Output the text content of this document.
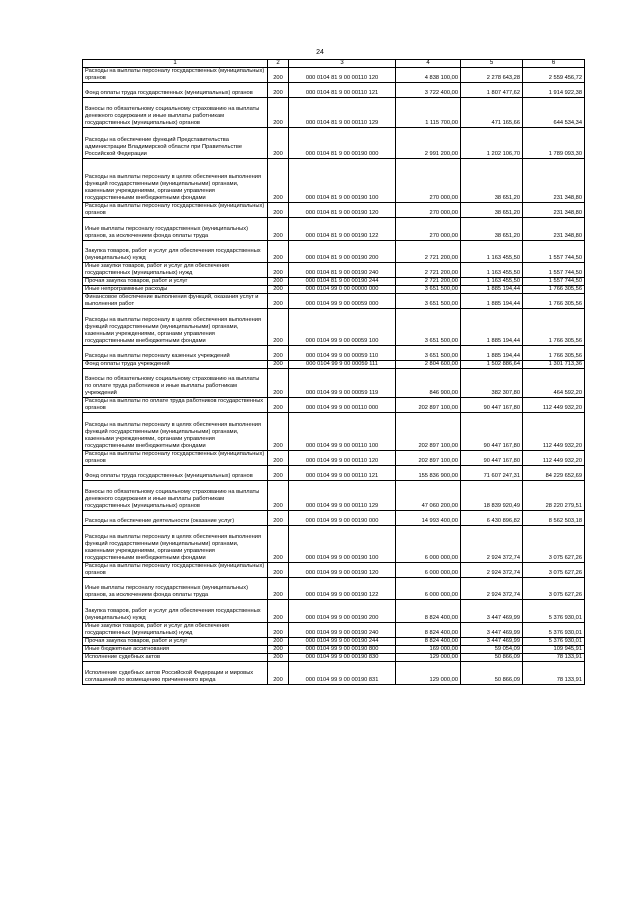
24
1	2	3	4	5	6
Расходы на выплаты персоналу государственных (муниципальных) органов	200	000 0104 81 9 00 00110 120	4 838 100,00	2 278 643,28	2 559 456,72
Фонд оплаты труда государственных (муниципальных) органов	200	000 0104 81 9 00 00110 121	3 722 400,00	1 807 477,62	1 914 922,38
Взносы по обязательному социальному страхованию на выплаты денежного содержания и иные выплаты работникам государственных (муниципальных) органов	200	000 0104 81 9 00 00110 129	1 115 700,00	471 165,66	644 534,34
Расходы на обеспечение функций Представительства администрации Владимирской области при Правительстве Российской Федерации	200	000 0104 81 9 00 00190 000	2 991 200,00	1 202 106,70	1 789 093,30
Расходы на выплаты персоналу в целях обеспечения выполнения функций государственными (муниципальными) органами, казенными учреждениями, органами управления государственными внебюджетными фондами	200	000 0104 81 9 00 00190 100	270 000,00	38 651,20	231 348,80
Расходы на выплаты персоналу государственных (муниципальных) органов	200	000 0104 81 9 00 00190 120	270 000,00	38 651,20	231 348,80
Иные выплаты персоналу государственных (муниципальных) органов, за исключением фонда оплаты труда	200	000 0104 81 9 00 00190 122	270 000,00	38 651,20	231 348,80
Закупка товаров, работ и услуг для обеспечения государственных (муниципальных) нужд	200	000 0104 81 9 00 00190 200	2 721 200,00	1 163 455,50	1 557 744,50
Иные закупки товаров, работ и услуг для обеспечения государственных (муниципальных) нужд	200	000 0104 81 9 00 00190 240	2 721 200,00	1 163 455,50	1 557 744,50
Прочая закупка товаров, работ и услуг	200	000 0104 81 9 00 00190 244	2 721 200,00	1 163 455,50	1 557 744,50
Иные непрограммные расходы	200	000 0104 99 0 00 00000 000	3 651 500,00	1 885 194,44	1 766 305,56
Финансовое обеспечение выполнения функций, оказания услуг и выполнения работ	200	000 0104 99 9 00 00059 000	3 651 500,00	1 885 194,44	1 766 305,56
Расходы на выплаты персоналу в целях обеспечения выполнения функций государственными (муниципальными) органами, казенными учреждениями, органами управления государственными внебюджетными фондами	200	000 0104 99 9 00 00059 100	3 651 500,00	1 885 194,44	1 766 305,56
Расходы на выплаты персоналу казенных учреждений	200	000 0104 99 9 00 00059 110	3 651 500,00	1 885 194,44	1 766 305,56
Фонд оплаты труда учреждений	200	000 0104 99 9 00 00059 111	2 804 600,00	1 502 886,64	1 301 713,36
Взносы по обязательному социальному страхованию на выплаты по оплате труда работников и иные выплаты работникам учреждений	200	000 0104 99 9 00 00059 119	846 900,00	382 307,80	464 592,20
Расходы на выплаты по оплате труда работников государственных органов	200	000 0104 99 9 00 00110 000	202 897 100,00	90 447 167,80	112 449 932,20
Расходы на выплаты персоналу в целях обеспечения выполнения функций государственными (муниципальными) органами, казенными учреждениями, органами управления государственными внебюджетными фондами	200	000 0104 99 9 00 00110 100	202 897 100,00	90 447 167,80	112 449 932,20
Расходы на выплаты персоналу государственных (муниципальных) органов	200	000 0104 99 9 00 00110 120	202 897 100,00	90 447 167,80	112 449 932,20
Фонд оплаты труда государственных (муниципальных) органов	200	000 0104 99 9 00 00110 121	155 836 900,00	71 607 247,31	84 229 652,69
Взносы по обязательному социальному страхованию на выплаты денежного содержания и иные выплаты работникам государственных (муниципальных) органов	200	000 0104 99 9 00 00110 129	47 060 200,00	18 839 920,49	28 220 279,51
Расходы на обеспечение деятельности (оказание услуг)	200	000 0104 99 9 00 00190 000	14 993 400,00	6 430 896,82	8 562 503,18
Расходы на выплаты персоналу в целях обеспечения выполнения функций государственными (муниципальными) органами, казенными учреждениями, органами управления государственными внебюджетными фондами	200	000 0104 99 9 00 00190 100	6 000 000,00	2 924 372,74	3 075 627,26
Расходы на выплаты персоналу государственных (муниципальных) органов	200	000 0104 99 9 00 00190 120	6 000 000,00	2 924 372,74	3 075 627,26
Иные выплаты персоналу государственных (муниципальных) органов, за исключением фонда оплаты труда	200	000 0104 99 9 00 00190 122	6 000 000,00	2 924 372,74	3 075 627,26
Закупка товаров, работ и услуг для обеспечения государственных (муниципальных) нужд	200	000 0104 99 9 00 00190 200	8 824 400,00	3 447 469,99	5 376 930,01
Иные закупки товаров, работ и услуг для обеспечения государственных (муниципальных) нужд	200	000 0104 99 9 00 00190 240	8 824 400,00	3 447 469,99	5 376 930,01
Прочая закупка товаров, работ и услуг	200	000 0104 99 9 00 00190 244	8 824 400,00	3 447 469,99	5 376 930,01
Иные бюджетные ассигнования	200	000 0104 99 9 00 00190 800	169 000,00	59 054,09	109 945,91
Исполнение судебных актов	200	000 0104 99 9 00 00190 830	129 000,00	50 866,09	78 133,91
Исполнение судебных актов Российской Федерации и мировых соглашений по возмещению причиненного вреда	200	000 0104 99 9 00 00190 831	129 000,00	50 866,09	78 133,91
